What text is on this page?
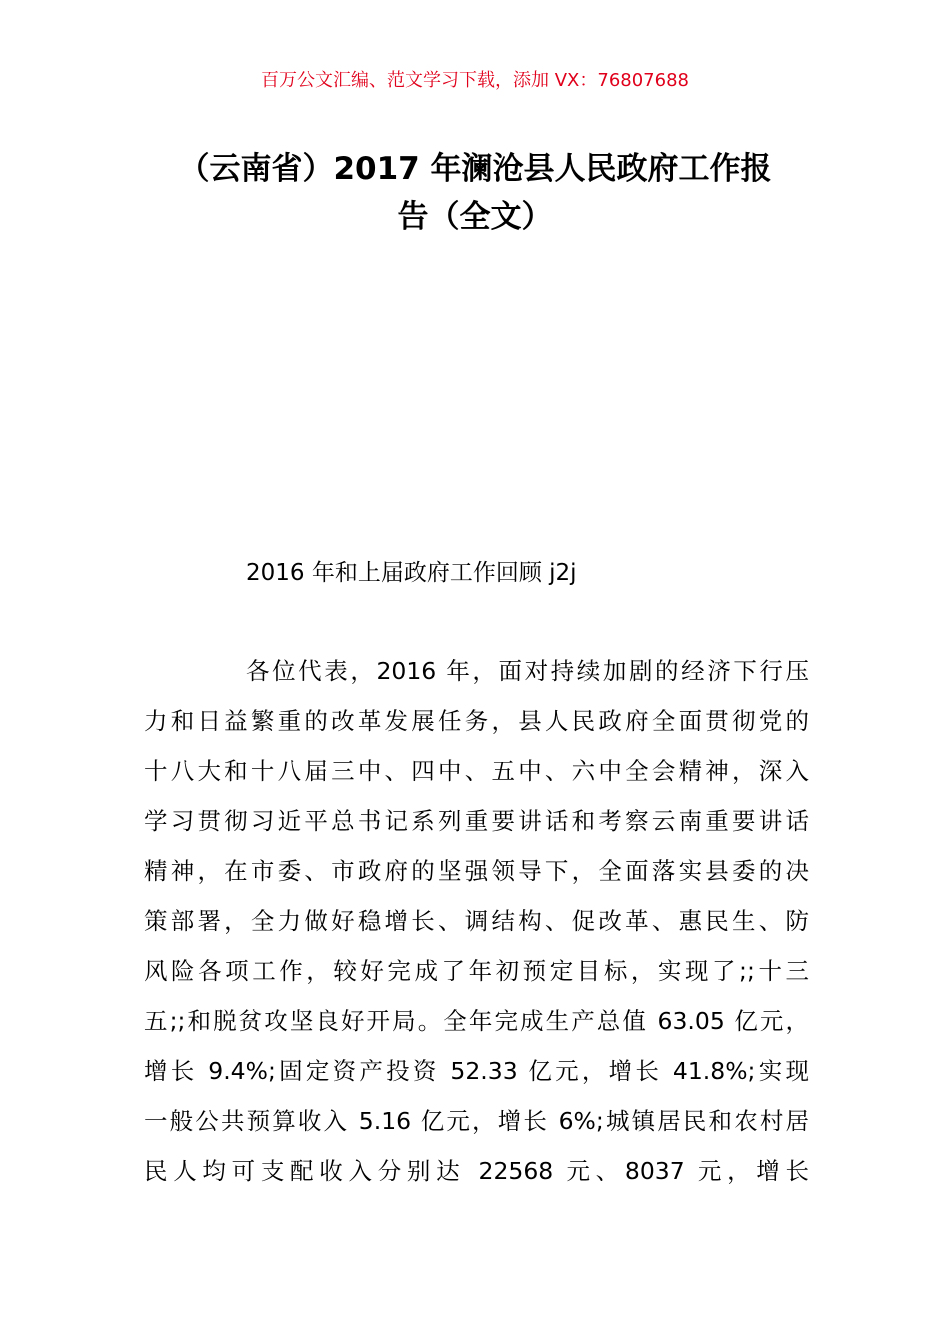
百万公文汇编、范文学习下载，添加 VX：76807688
（云南省）2017 年澜沧县人民政府工作报
告（全文）
2016 年和上届政府工作回顾 j2j
各位代表，2016 年，面对持续加剧的经济下行压
力和日益繁重的改革发展任务，县人民政府全面贯彻党的
十八大和十八届三中、四中、五中、六中全会精神，深入
学习贯彻习近平总书记系列重要讲话和考察云南重要讲话
精神，在市委、市政府的坚强领导下，全面落实县委的决
策部署，全力做好稳增长、调结构、促改革、惠民生、防
风险各项工作，较好完成了年初预定目标，实现了;;十三
五;;和脱贫攻坚良好开局。全年完成生产总值 63.05 亿元，
增长 9.4%;固定资产投资 52.33 亿元，增长 41.8%;实现
一般公共预算收入 5.16 亿元，增长 6%;城镇居民和农村居
民人均可支配收入分别达 22568 元、8037 元，增长
